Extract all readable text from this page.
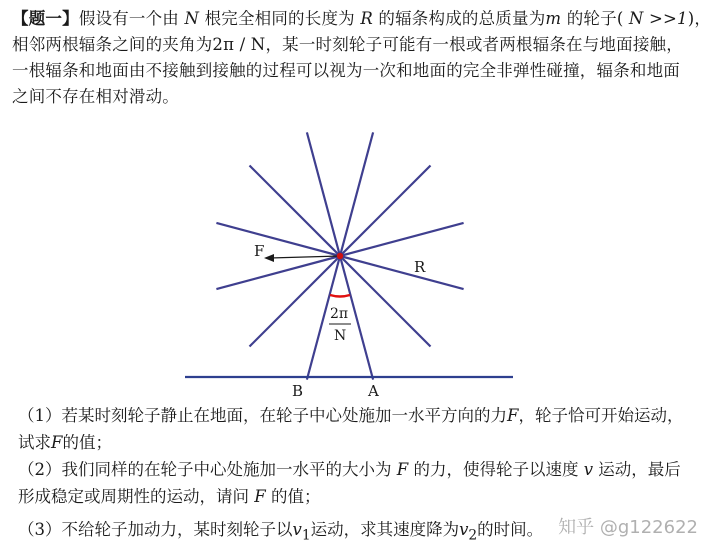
【题一】假设有一个由 N 根完全相同的长度为 R 的辐条构成的总质量为m 的轮子( N >>1)，

相邻两根辐条之间的夹角为2π / N，某一时刻轮子可能有一根或者两根辐条在与地面接触，

一根辐条和地面由不接触到接触的过程可以视为一次和地面的完全非弹性碰撞，辐条和地面

之间不存在相对滑动。

F
R
2π
N
B	A

（1）若某时刻轮子静止在地面，在轮子中心处施加一水平方向的力F，轮子恰可开始运动，

试求F的值；

（2）我们同样的在轮子中心处施加一水平的大小为 F 的力，使得轮子以速度 v 运动，最后

形成稳定或周期性的运动，请问 F 的值；

（3）不给轮子加动力，某时刻轮子以$v_1$运动，求其速度降为$v_2$的时间。 知乎 @g122622
